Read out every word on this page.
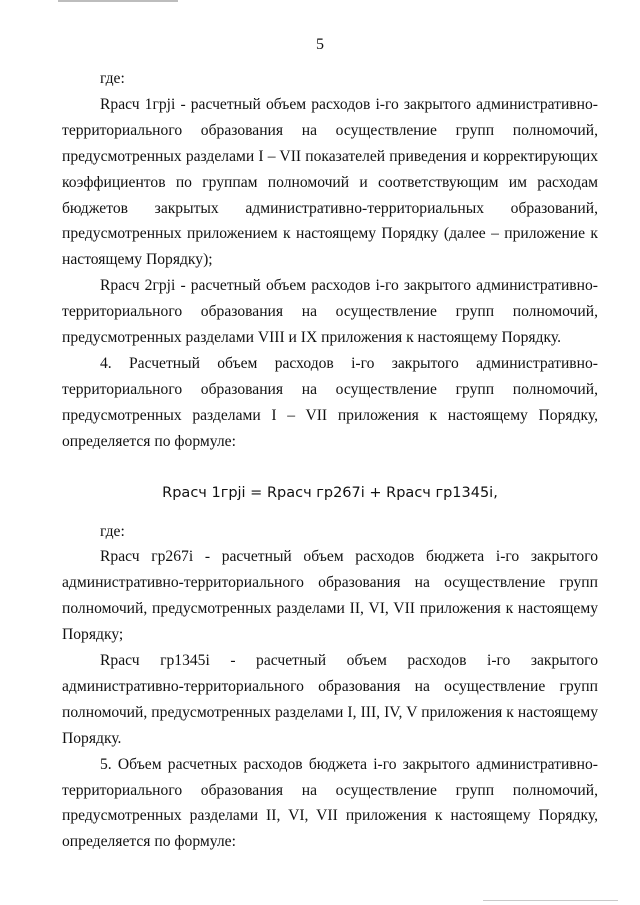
5

где:

Rрасч 1грji - расчетный объем расходов i-го закрытого административно-территориального образования на осуществление групп полномочий, предусмотренных разделами I – VII показателей приведения и корректирующих коэффициентов по группам полномочий и соответствующим им расходам бюджетов закрытых административно-территориальных образований, предусмотренных приложением к настоящему Порядку (далее – приложение к настоящему Порядку);

Rрасч 2грji - расчетный объем расходов i-го закрытого административно-территориального образования на осуществление групп полномочий, предусмотренных разделами VIII и IX приложения к настоящему Порядку.

4. Расчетный объем расходов i-го закрытого административно-территориального образования на осуществление групп полномочий, предусмотренных разделами I – VII приложения к настоящему Порядку, определяется по формуле:

Rрасч 1грji = Rрасч гр267i + Rрасч гр1345i,

где:

Rрасч гр267i - расчетный объем расходов бюджета i-го закрытого административно-территориального образования на осуществление групп полномочий, предусмотренных разделами II, VI, VII приложения к настоящему Порядку;

Rрасч гр1345i - расчетный объем расходов i-го закрытого административно-территориального образования на осуществление групп полномочий, предусмотренных разделами I, III, IV, V приложения к настоящему Порядку.

5. Объем расчетных расходов бюджета i-го закрытого административно-территориального образования на осуществление групп полномочий, предусмотренных разделами II, VI, VII приложения к настоящему Порядку, определяется по формуле:
